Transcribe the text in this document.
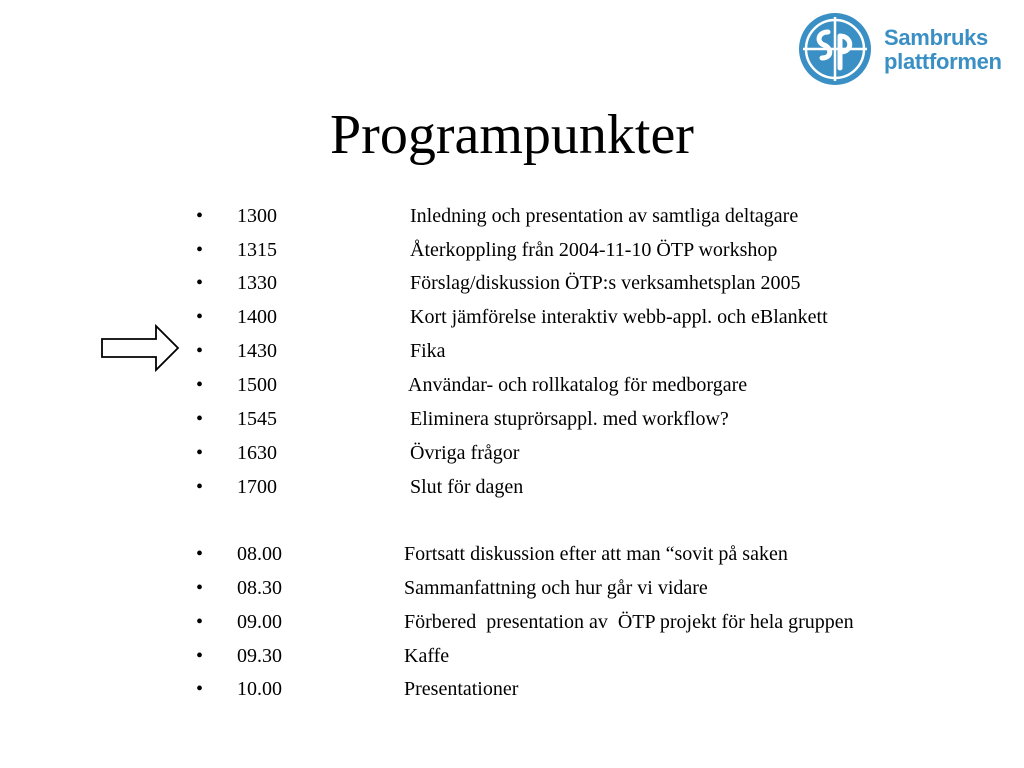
Sambruks
plattformen
Programpunkter
•	1300	Inledning och presentation av samtliga deltagare
•	1315	Återkoppling från 2004-11-10 ÖTP workshop
•	1330	Förslag/diskussion ÖTP:s verksamhetsplan 2005
•	1400	Kort jämförelse interaktiv webb-appl. och eBlankett
•	1430	Fika
•	1500	Användar- och rollkatalog för medborgare
•	1545	Eliminera stuprörsappl. med workflow?
•	1630	Övriga frågor
•	1700	Slut för dagen
•	08.00	Fortsatt diskussion efter att man “sovit på saken
•	08.30	Sammanfattning och hur går vi vidare
•	09.00	Förbered  presentation av  ÖTP projekt för hela gruppen
•	09.30	Kaffe
•	10.00	Presentationer
